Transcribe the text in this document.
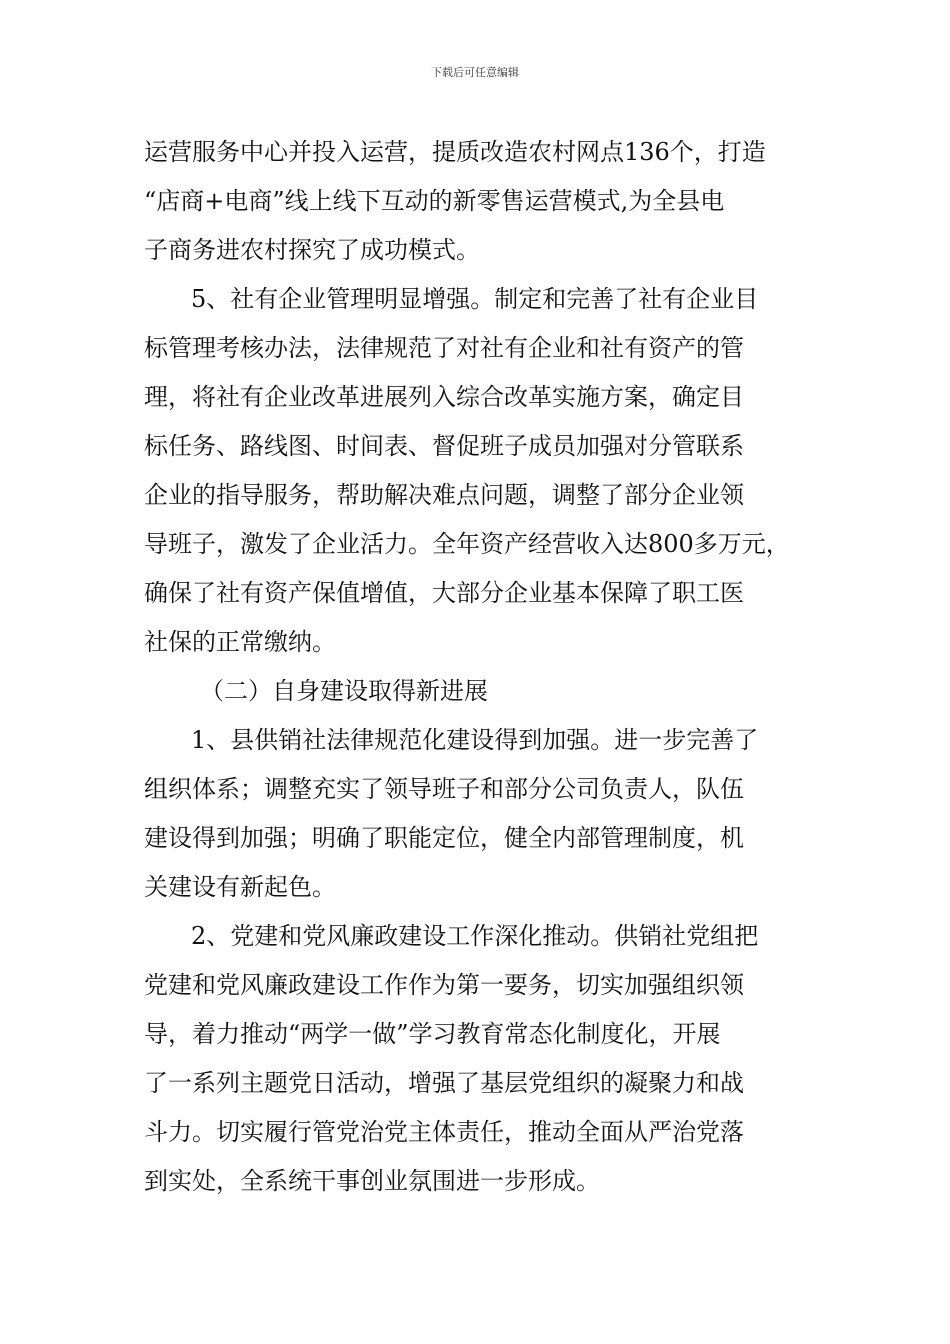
下载后可任意编辑
运营服务中心并投入运营，提质改造农村网点136个，打造
“店商+电商”线上线下互动的新零售运营模式,为全县电
子商务进农村探究了成功模式。
5、社有企业管理明显增强。制定和完善了社有企业目
标管理考核办法，法律规范了对社有企业和社有资产的管
理，将社有企业改革进展列入综合改革实施方案，确定目
标任务、路线图、时间表、督促班子成员加强对分管联系
企业的指导服务，帮助解决难点问题，调整了部分企业领
导班子，激发了企业活力。全年资产经营收入达800多万元，
确保了社有资产保值增值，大部分企业基本保障了职工医
社保的正常缴纳。
（二）自身建设取得新进展
1、县供销社法律规范化建设得到加强。进一步完善了
组织体系；调整充实了领导班子和部分公司负责人，队伍
建设得到加强；明确了职能定位，健全内部管理制度，机
关建设有新起色。
2、党建和党风廉政建设工作深化推动。供销社党组把
党建和党风廉政建设工作作为第一要务，切实加强组织领
导，着力推动“两学一做”学习教育常态化制度化，开展
了一系列主题党日活动，增强了基层党组织的凝聚力和战
斗力。切实履行管党治党主体责任，推动全面从严治党落
到实处，全系统干事创业氛围进一步形成。
